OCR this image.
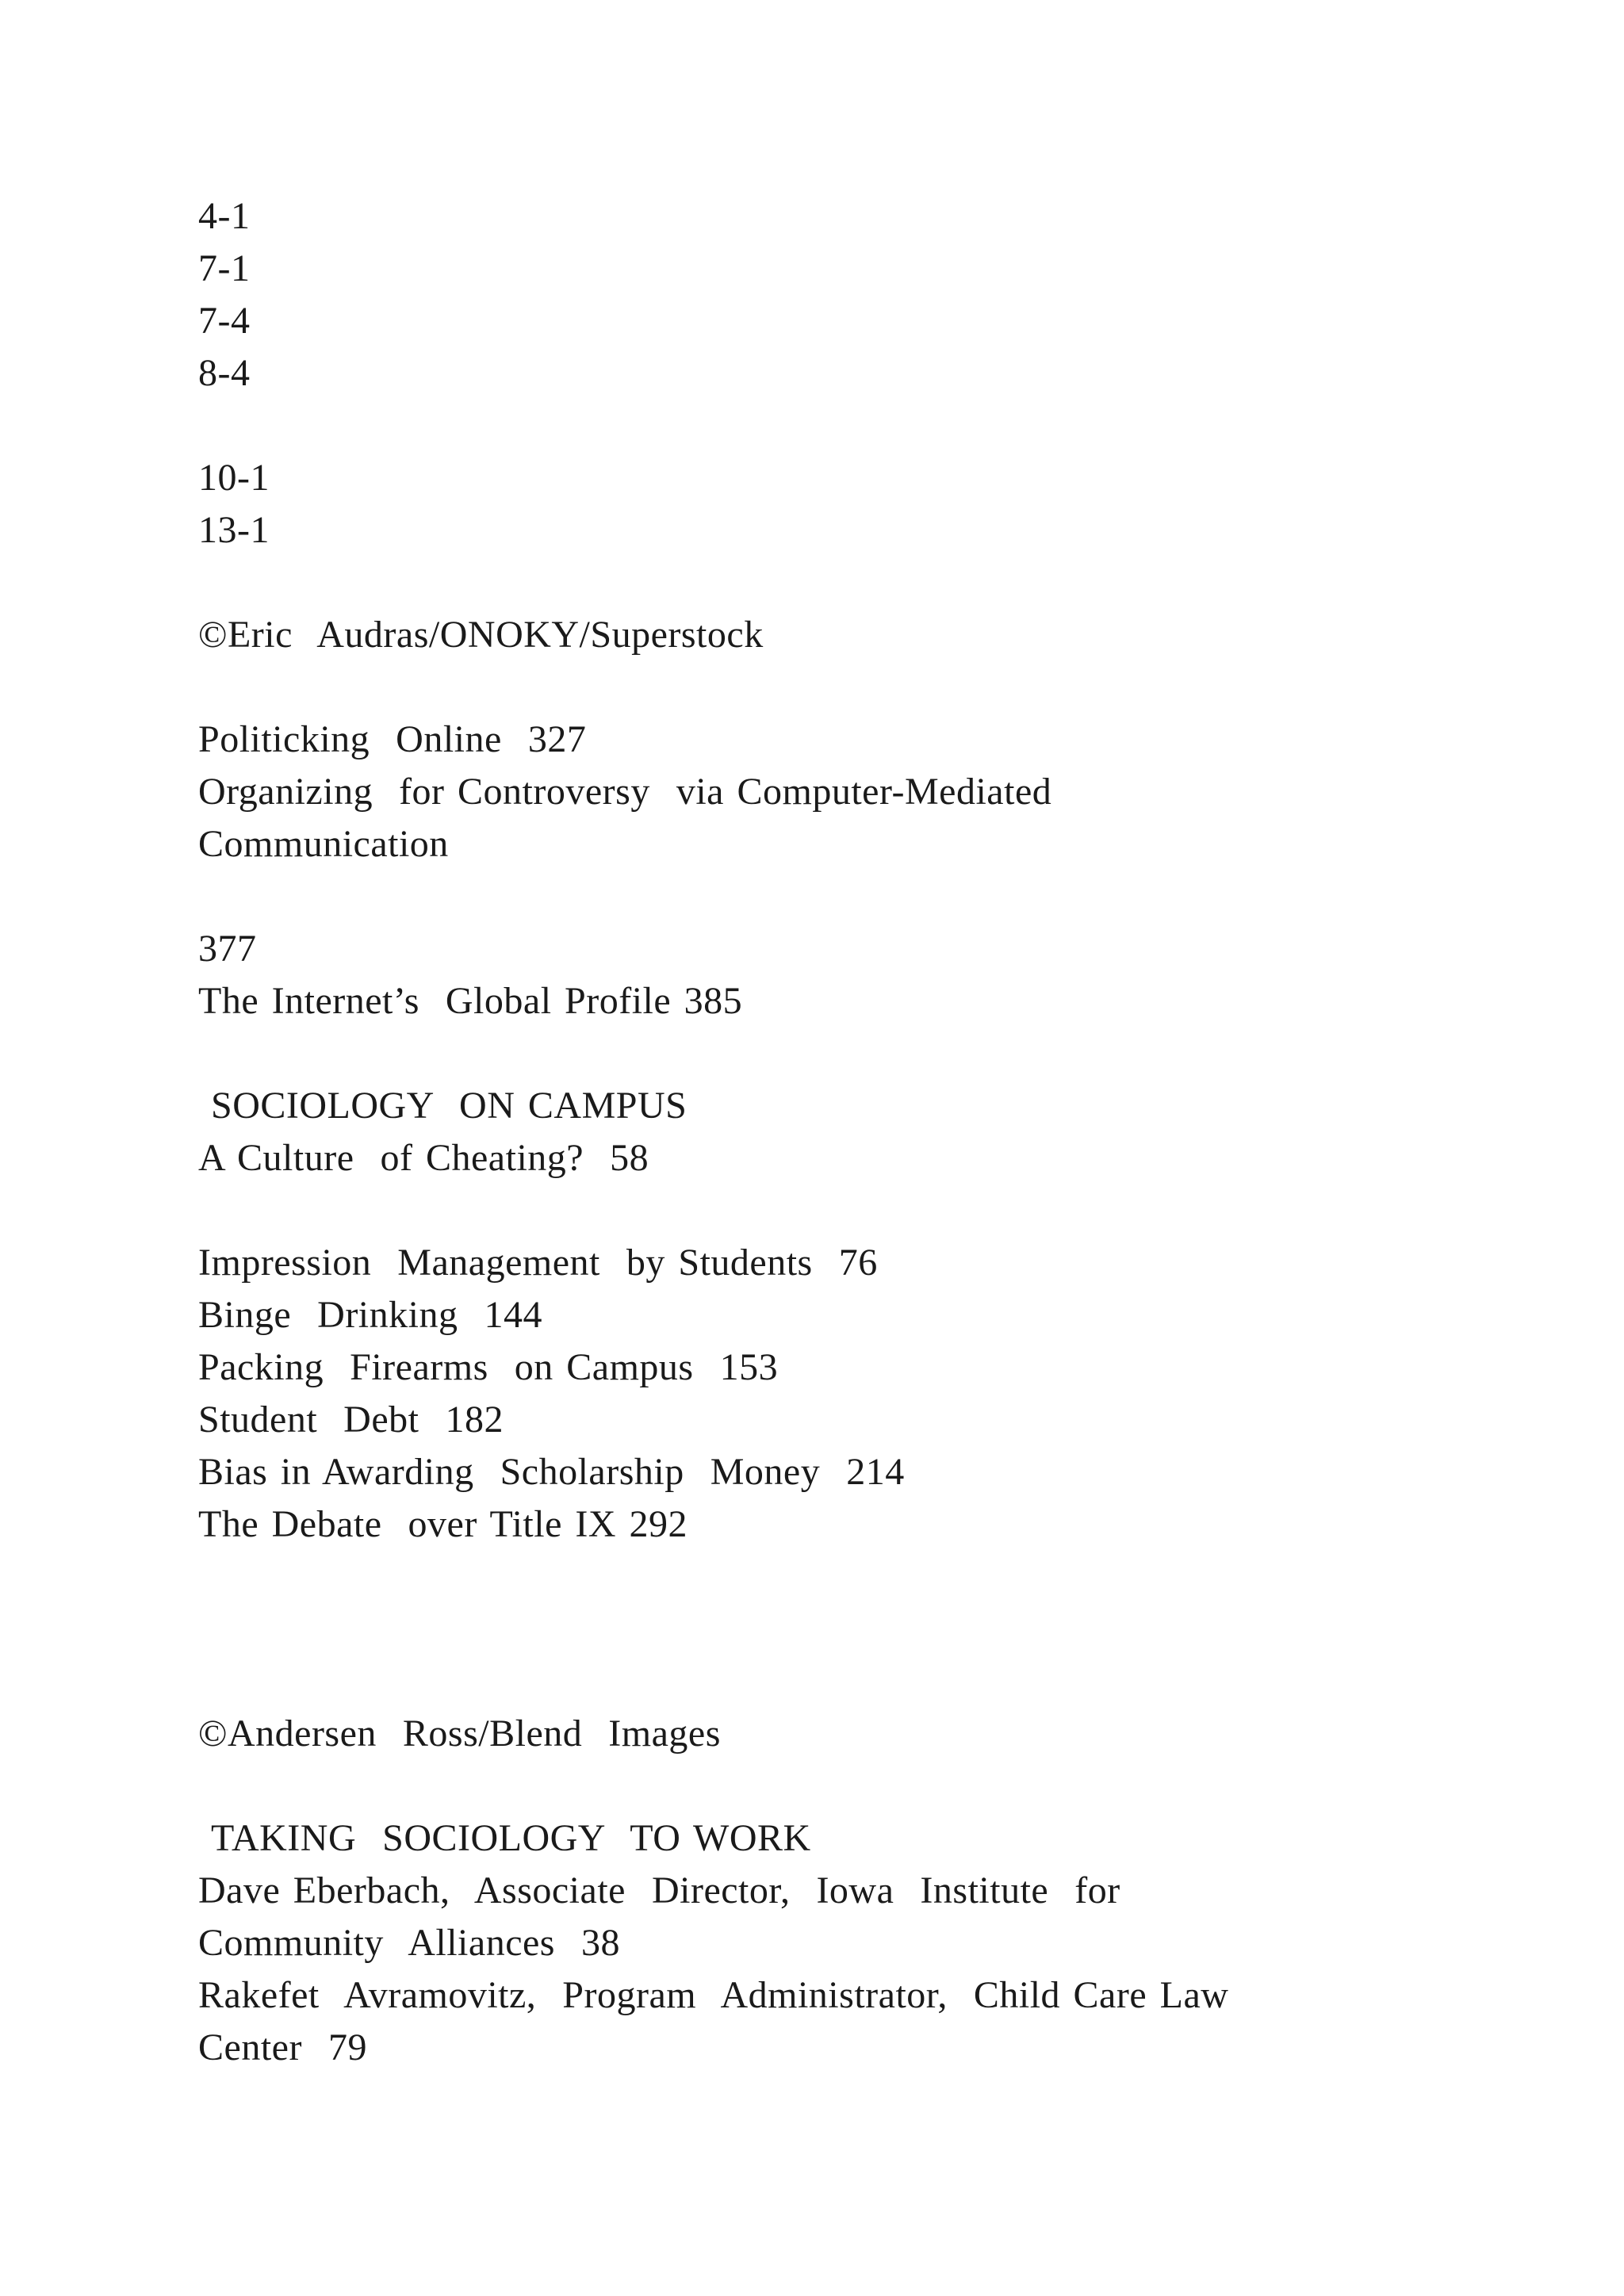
4-1
7-1
7-4
8-4
10-1
13-1
©Eric  Audras/ONOKY/Superstock
Politicking  Online  327
Organizing  for Controversy  via Computer-Mediated
Communication
377
The Internet’s  Global Profile 385
SOCIOLOGY  ON CAMPUS
A Culture  of Cheating?  58
Impression  Management  by Students  76
Binge  Drinking  144
Packing  Firearms  on Campus  153
Student  Debt  182
Bias in Awarding  Scholarship  Money  214
The Debate  over Title IX 292
©Andersen  Ross/Blend  Images
TAKING  SOCIOLOGY  TO WORK
Dave Eberbach,  Associate  Director,  Iowa  Institute  for
Community  Alliances  38
Rakefet  Avramovitz,  Program  Administrator,  Child Care Law
Center  79
